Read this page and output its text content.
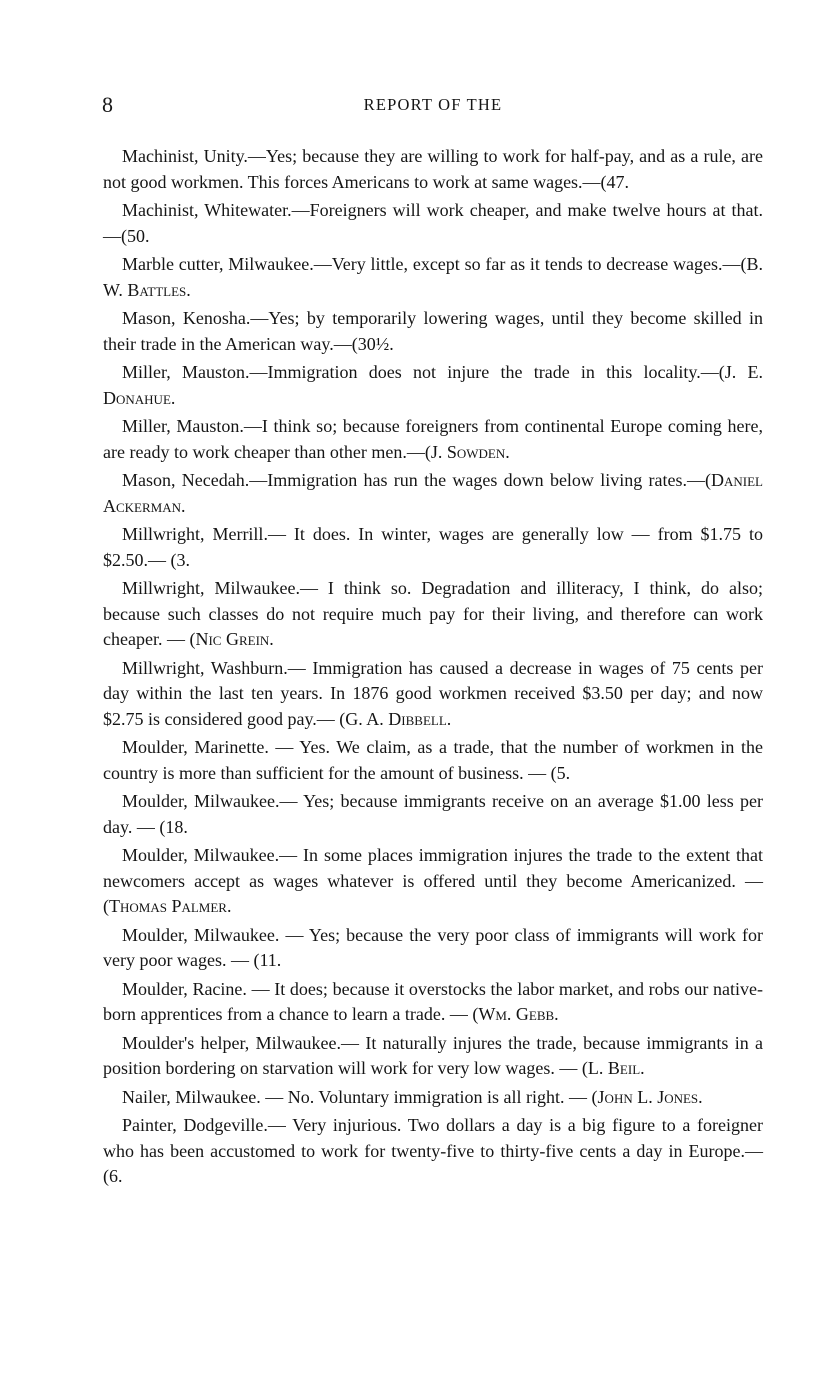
8	REPORT OF THE

Machinist, Unity.—Yes; because they are willing to work for half-pay, and as a rule, are not good workmen. This forces Americans to work at same wages.—(47.

Machinist, Whitewater.—Foreigners will work cheaper, and make twelve hours at that.—(50.

Marble cutter, Milwaukee.—Very little, except so far as it tends to decrease wages.—(B. W. Battles.

Mason, Kenosha.—Yes; by temporarily lowering wages, until they become skilled in their trade in the American way.—(30½.

Miller, Mauston.—Immigration does not injure the trade in this locality.—(J. E. Donahue.

Miller, Mauston.—I think so; because foreigners from continental Europe coming here, are ready to work cheaper than other men.—(J. Sowden.

Mason, Necedah.—Immigration has run the wages down below living rates.—(Daniel Ackerman.

Millwright, Merrill.— It does. In winter, wages are generally low — from $1.75 to $2.50.— (3.

Millwright, Milwaukee.— I think so. Degradation and illiteracy, I think, do also; because such classes do not require much pay for their living, and therefore can work cheaper. — (Nic Grein.

Millwright, Washburn.— Immigration has caused a decrease in wages of 75 cents per day within the last ten years. In 1876 good workmen received $3.50 per day; and now $2.75 is considered good pay.— (G. A. Dibbell.

Moulder, Marinette. — Yes. We claim, as a trade, that the number of workmen in the country is more than sufficient for the amount of business. — (5.

Moulder, Milwaukee.— Yes; because immigrants receive on an average $1.00 less per day. — (18.

Moulder, Milwaukee.— In some places immigration injures the trade to the extent that newcomers accept as wages whatever is offered until they become Americanized. — (Thomas Palmer.

Moulder, Milwaukee. — Yes; because the very poor class of immigrants will work for very poor wages. — (11.

Moulder, Racine. — It does; because it overstocks the labor market, and robs our native-born apprentices from a chance to learn a trade. — (Wm. Gebb.

Moulder's helper, Milwaukee.— It naturally injures the trade, because immigrants in a position bordering on starvation will work for very low wages. — (L. Beil.

Nailer, Milwaukee. — No. Voluntary immigration is all right. — (John L. Jones.

Painter, Dodgeville.— Very injurious. Two dollars a day is a big figure to a foreigner who has been accustomed to work for twenty-five to thirty-five cents a day in Europe.— (6.
